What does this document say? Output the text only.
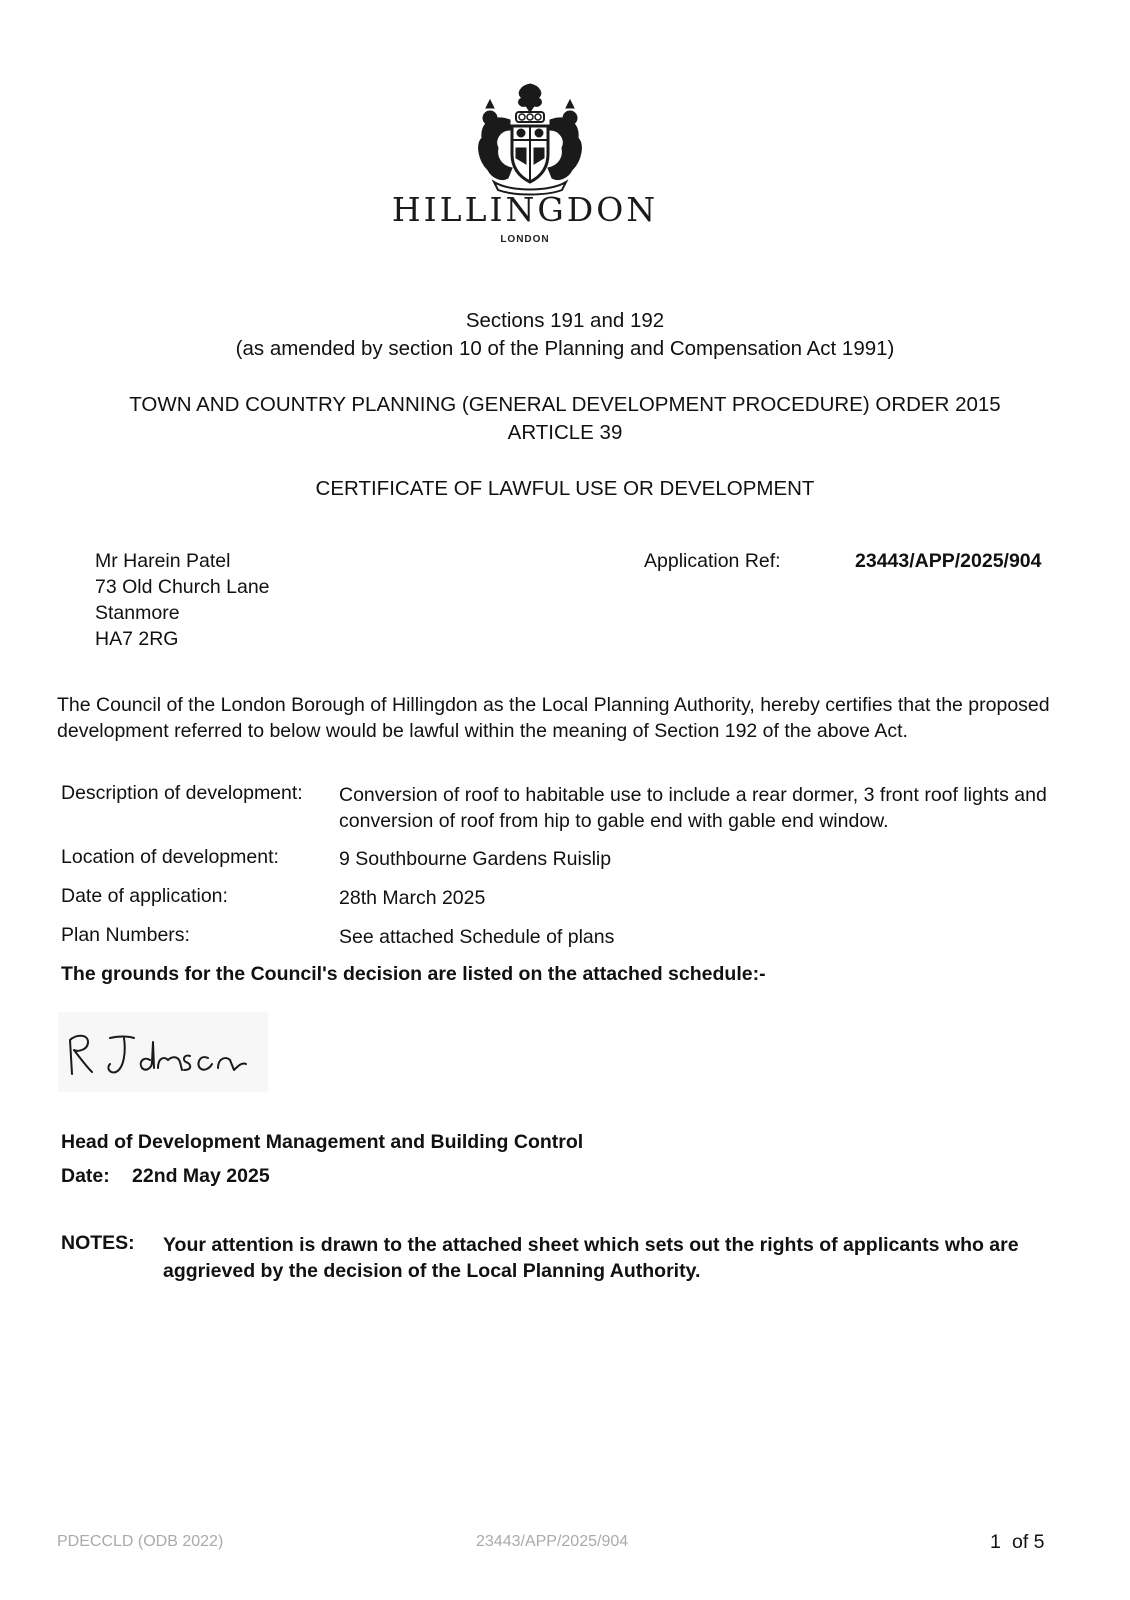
HILLINGDON
LONDON
Sections 191 and 192
(as amended by section 10 of the Planning and Compensation Act 1991)
TOWN AND COUNTRY PLANNING (GENERAL DEVELOPMENT PROCEDURE) ORDER 2015
ARTICLE 39
CERTIFICATE OF LAWFUL USE OR DEVELOPMENT
Mr Harein Patel
73 Old Church Lane
Stanmore
HA7 2RG
Application Ref:	23443/APP/2025/904
The Council of the London Borough of Hillingdon as the Local Planning Authority, hereby certifies that the proposed development referred to below would be lawful within the meaning of Section 192 of the above Act.
Description of development: Conversion of roof to habitable use to include a rear dormer, 3 front roof lights and conversion of roof from hip to gable end with gable end window.
Location of development:	9 Southbourne Gardens Ruislip
Date of application:	28th March 2025
Plan Numbers:	See attached Schedule of plans
The grounds for the Council's decision are listed on the attached schedule:-
Head of Development Management and Building Control
Date: 22nd May 2025
NOTES: Your attention is drawn to the attached sheet which sets out the rights of applicants who are aggrieved by the decision of the Local Planning Authority.
PDECCLD (ODB 2022)	23443/APP/2025/904	1 of 5
